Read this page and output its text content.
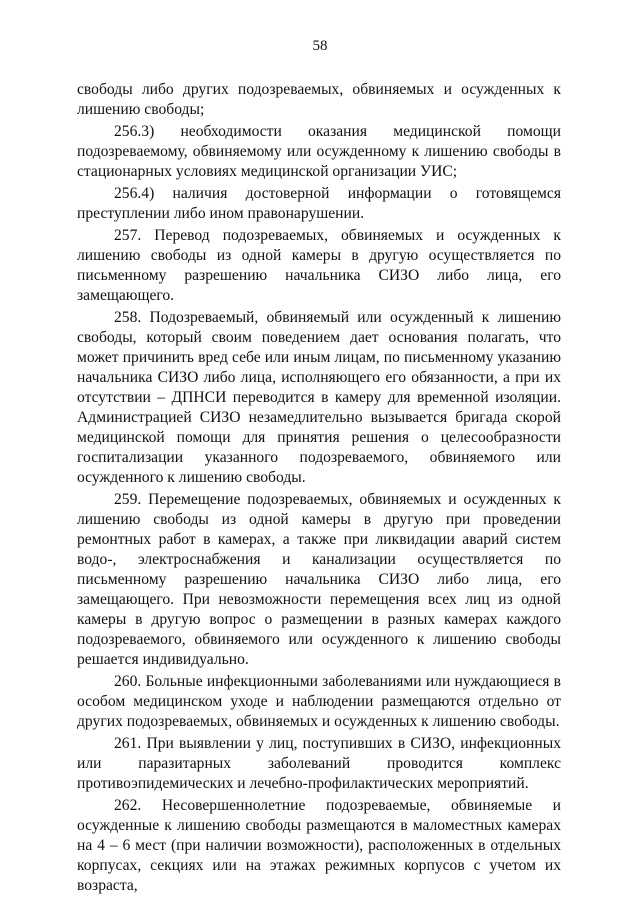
58

свободы либо других подозреваемых, обвиняемых и осужденных к лишению свободы;

256.3) необходимости оказания медицинской помощи подозреваемому, обвиняемому или осужденному к лишению свободы в стационарных условиях медицинской организации УИС;

256.4) наличия достоверной информации о готовящемся преступлении либо ином правонарушении.

257. Перевод подозреваемых, обвиняемых и осужденных к лишению свободы из одной камеры в другую осуществляется по письменному разрешению начальника СИЗО либо лица, его замещающего.

258. Подозреваемый, обвиняемый или осужденный к лишению свободы, который своим поведением дает основания полагать, что может причинить вред себе или иным лицам, по письменному указанию начальника СИЗО либо лица, исполняющего его обязанности, а при их отсутствии – ДПНСИ переводится в камеру для временной изоляции. Администрацией СИЗО незамедлительно вызывается бригада скорой медицинской помощи для принятия решения о целесообразности госпитализации указанного подозреваемого, обвиняемого или осужденного к лишению свободы.

259. Перемещение подозреваемых, обвиняемых и осужденных к лишению свободы из одной камеры в другую при проведении ремонтных работ в камерах, а также при ликвидации аварий систем водо-, электроснабжения и канализации осуществляется по письменному разрешению начальника СИЗО либо лица, его замещающего. При невозможности перемещения всех лиц из одной камеры в другую вопрос о размещении в разных камерах каждого подозреваемого, обвиняемого или осужденного к лишению свободы решается индивидуально.

260. Больные инфекционными заболеваниями или нуждающиеся в особом медицинском уходе и наблюдении размещаются отдельно от других подозреваемых, обвиняемых и осужденных к лишению свободы.

261. При выявлении у лиц, поступивших в СИЗО, инфекционных или паразитарных заболеваний проводится комплекс противоэпидемических и лечебно-профилактических мероприятий.

262. Несовершеннолетние подозреваемые, обвиняемые и осужденные к лишению свободы размещаются в маломестных камерах на 4 – 6 мест (при наличии возможности), расположенных в отдельных корпусах, секциях или на этажах режимных корпусов с учетом их возраста,
